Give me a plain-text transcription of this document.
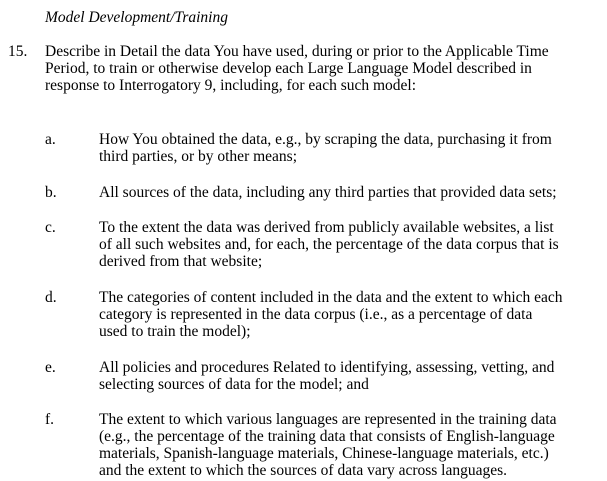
Model Development/Training
15. Describe in Detail the data You have used, during or prior to the Applicable Time
Period, to train or otherwise develop each Large Language Model described in
response to Interrogatory 9, including, for each such model:
a.	How You obtained the data, e.g., by scraping the data, purchasing it from
third parties, or by other means;
b.	All sources of the data, including any third parties that provided data sets;
c.	To the extent the data was derived from publicly available websites, a list
of all such websites and, for each, the percentage of the data corpus that is
derived from that website;
d.	The categories of content included in the data and the extent to which each
category is represented in the data corpus (i.e., as a percentage of data
used to train the model);
e.	All policies and procedures Related to identifying, assessing, vetting, and
selecting sources of data for the model; and
f.	The extent to which various languages are represented in the training data
(e.g., the percentage of the training data that consists of English-language
materials, Spanish-language materials, Chinese-language materials, etc.)
and the extent to which the sources of data vary across languages.
